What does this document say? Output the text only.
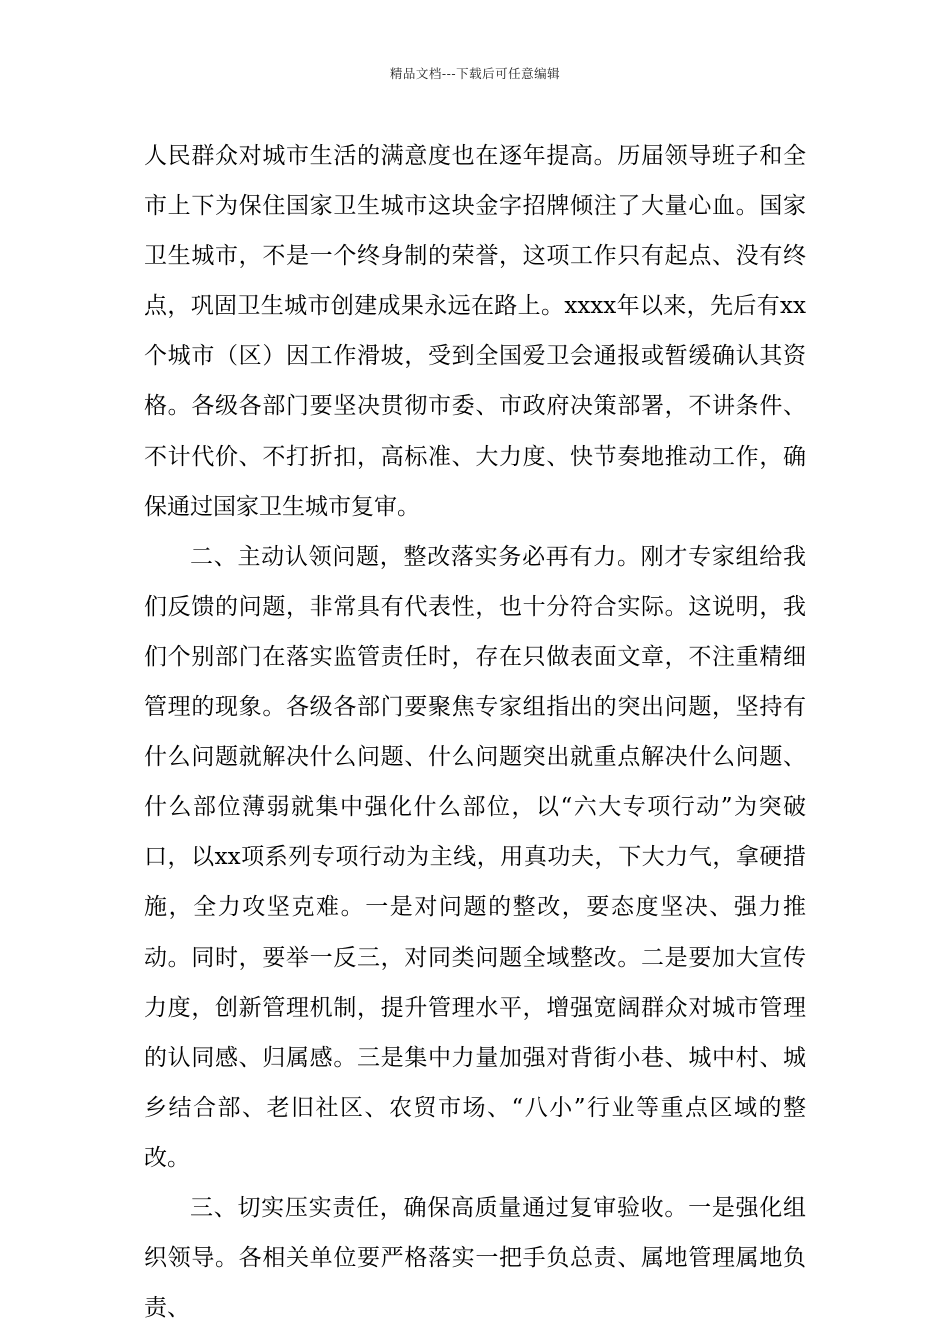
精品文档---下载后可任意编辑

人民群众对城市生活的满意度也在逐年提高。历届领导班子和全市上下为保住国家卫生城市这块金字招牌倾注了大量心血。国家卫生城市，不是一个终身制的荣誉，这项工作只有起点、没有终点，巩固卫生城市创建成果永远在路上。xxxx年以来，先后有xx个城市（区）因工作滑坡，受到全国爱卫会通报或暂缓确认其资格。各级各部门要坚决贯彻市委、市政府决策部署，不讲条件、不计代价、不打折扣，高标准、大力度、快节奏地推动工作，确保通过国家卫生城市复审。

二、主动认领问题，整改落实务必再有力。刚才专家组给我们反馈的问题，非常具有代表性，也十分符合实际。这说明，我们个别部门在落实监管责任时，存在只做表面文章，不注重精细管理的现象。各级各部门要聚焦专家组指出的突出问题，坚持有什么问题就解决什么问题、什么问题突出就重点解决什么问题、什么部位薄弱就集中强化什么部位，以“六大专项行动”为突破口，以xx项系列专项行动为主线，用真功夫，下大力气，拿硬措施，全力攻坚克难。一是对问题的整改，要态度坚决、强力推动。同时，要举一反三，对同类问题全域整改。二是要加大宣传力度，创新管理机制，提升管理水平，增强宽阔群众对城市管理的认同感、归属感。三是集中力量加强对背街小巷、城中村、城乡结合部、老旧社区、农贸市场、“八小”行业等重点区域的整改。

三、切实压实责任，确保高质量通过复审验收。一是强化组织领导。各相关单位要严格落实一把手负总责、属地管理属地负责、
